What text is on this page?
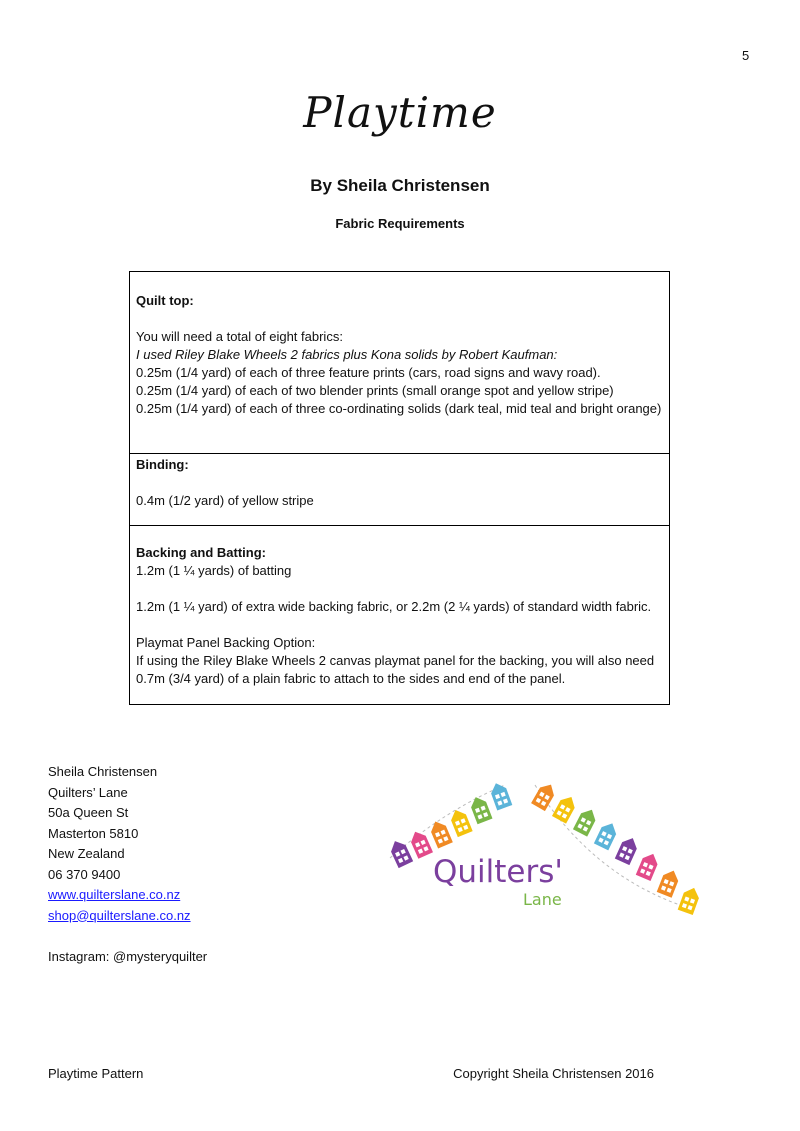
5
Playtime
By Sheila Christensen
Fabric Requirements
Quilt top:
You will need a total of eight fabrics:
I used Riley Blake Wheels 2 fabrics plus Kona solids by Robert Kaufman:
0.25m (1/4 yard) of each of three feature prints (cars, road signs and wavy road).
0.25m (1/4 yard) of each of two blender prints (small orange spot and yellow stripe)
0.25m (1/4 yard) of each of three co-ordinating solids (dark teal, mid teal and bright orange)
Binding:
0.4m (1/2 yard) of yellow stripe
Backing and Batting:
1.2m (1 ¼ yards) of batting
1.2m (1 ¼ yard) of extra wide backing fabric, or 2.2m (2 ¼ yards) of standard width fabric.
Playmat Panel Backing Option:
If using the Riley Blake Wheels 2 canvas playmat panel for the backing, you will also need
0.7m (3/4 yard) of a plain fabric to attach to the sides and end of the panel.
Sheila Christensen
Quilters’ Lane
50a Queen St
Masterton 5810
New Zealand
06 370 9400
www.quilterslane.co.nz
shop@quilterslane.co.nz
Instagram: @mysteryquilter
Quilters'
Lane
Playtime Pattern	Copyright Sheila Christensen 2016
